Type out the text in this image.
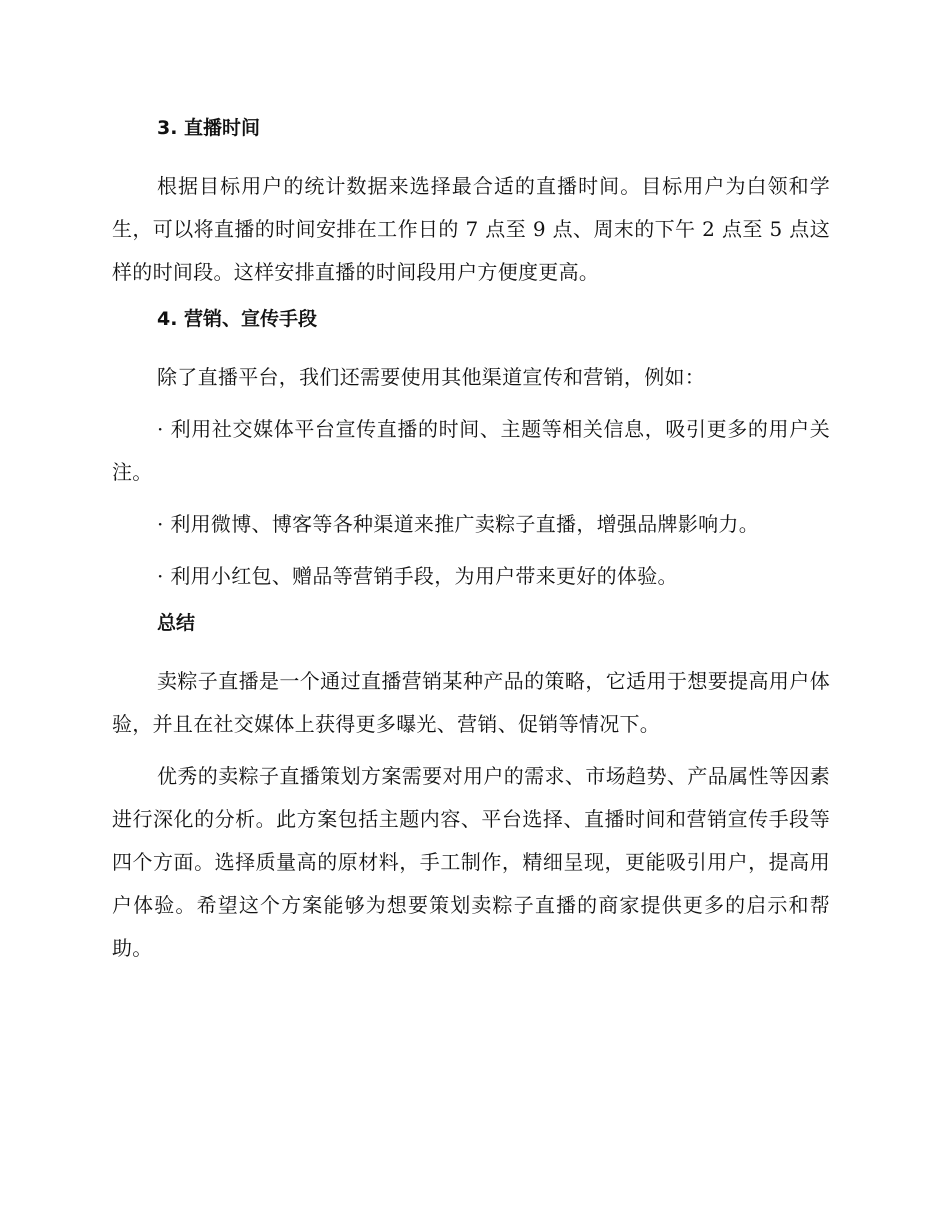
3. 直播时间

根据目标用户的统计数据来选择最合适的直播时间。目标用户为白领和学生，可以将直播的时间安排在工作日的 7 点至 9 点、周末的下午 2 点至 5 点这样的时间段。这样安排直播的时间段用户方便度更高。

4. 营销、宣传手段

除了直播平台，我们还需要使用其他渠道宣传和营销，例如：

· 利用社交媒体平台宣传直播的时间、主题等相关信息，吸引更多的用户关注。

· 利用微博、博客等各种渠道来推广卖粽子直播，增强品牌影响力。

· 利用小红包、赠品等营销手段，为用户带来更好的体验。

总结

卖粽子直播是一个通过直播营销某种产品的策略，它适用于想要提高用户体验，并且在社交媒体上获得更多曝光、营销、促销等情况下。

优秀的卖粽子直播策划方案需要对用户的需求、市场趋势、产品属性等因素进行深化的分析。此方案包括主题内容、平台选择、直播时间和营销宣传手段等四个方面。选择质量高的原材料，手工制作，精细呈现，更能吸引用户，提高用户体验。希望这个方案能够为想要策划卖粽子直播的商家提供更多的启示和帮助。
